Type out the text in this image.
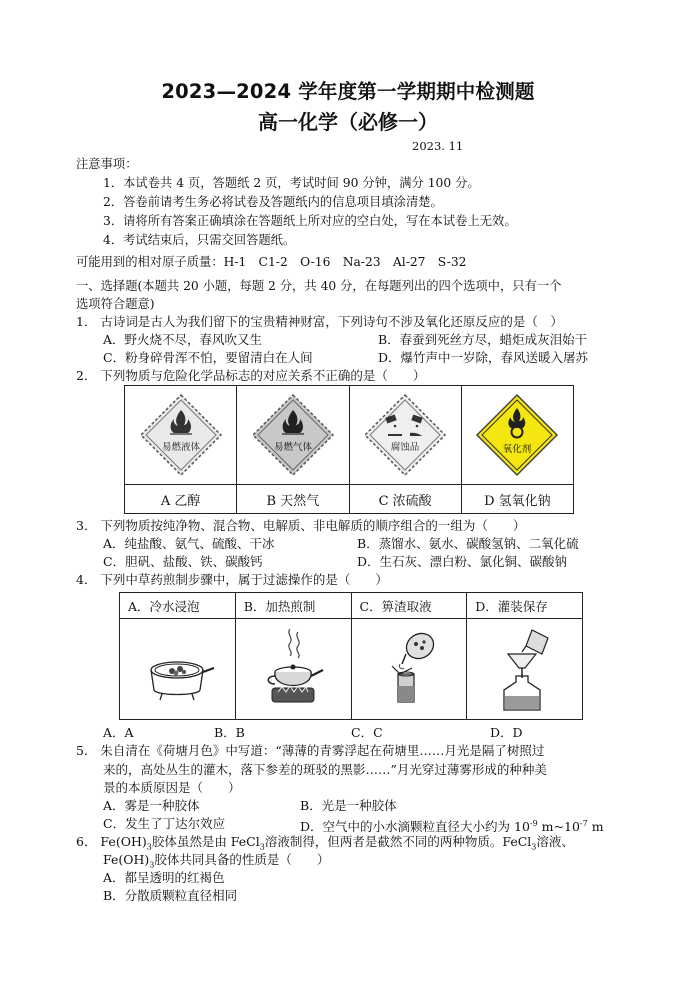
2023—2024 学年度第一学期期中检测题
高一化学（必修一）
2023. 11
注意事项：
1．本试卷共 4 页，答题纸 2 页，考试时间 90 分钟，满分 100 分。
2．答卷前请考生务必将试卷及答题纸内的信息项目填涂清楚。
3．请将所有答案正确填涂在答题纸上所对应的空白处，写在本试卷上无效。
4．考试结束后，只需交回答题纸。
可能用到的相对原子质量：H-1　C1-2　O-16　Na-23　Al-27　S-32
一、选择题(本题共 20 小题，每题 2 分，共 40 分，在每题列出的四个选项中，只有一个
选项符合题意)
1． 古诗词是古人为我们留下的宝贵精神财富，下列诗句不涉及氧化还原反应的是（　）
A．野火烧不尽，春风吹又生	B．春蚕到死丝方尽，蜡炬成灰泪始干
C．粉身碎骨浑不怕，要留清白在人间	D．爆竹声中一岁除，春风送暖入屠苏
2． 下列物质与危险化学品标志的对应关系不正确的是（　　）
易燃液体	易燃气体	腐蚀品	氧化剂

A 乙醇	B 天然气	C 浓硫酸	D 氢氧化钠
3． 下列物质按纯净物、混合物、电解质、非电解质的顺序组合的一组为（　　）
A．纯盐酸、氨气、硫酸、干冰	B．蒸馏水、氨水、碳酸氢钠、二氧化硫
C．胆矾、盐酸、铁、碳酸钙	D．生石灰、漂白粉、氯化铜、碳酸钠
4． 下列中草药煎制步骤中，属于过滤操作的是（　　）
A．冷水浸泡	B．加热煎制	C．箅渣取液	D．灌装保存

A．A	B．B	C．C	D．D
5． 朱自清在《荷塘月色》中写道：“薄薄的青雾浮起在荷塘里……月光是隔了树照过
来的，高处丛生的灌木，落下参差的斑驳的黑影……”月光穿过薄雾形成的种种美
景的本质原因是（　　）
A．雾是一种胶体	B．光是一种胶体
C．发生了丁达尔效应	D．空气中的小水滴颗粒直径大小约为 $10^{-9}$ $m\sim 10^{-7}$ m
6． $Fe(OH)_3$胶体虽然是由 FeCl$_3$溶液制得，但两者是截然不同的两种物质。FeCl$_3$溶液、
$Fe(OH)_3$胶体共同具备的性质是（　　）
A．都呈透明的红褐色
B．分散质颗粒直径相同
